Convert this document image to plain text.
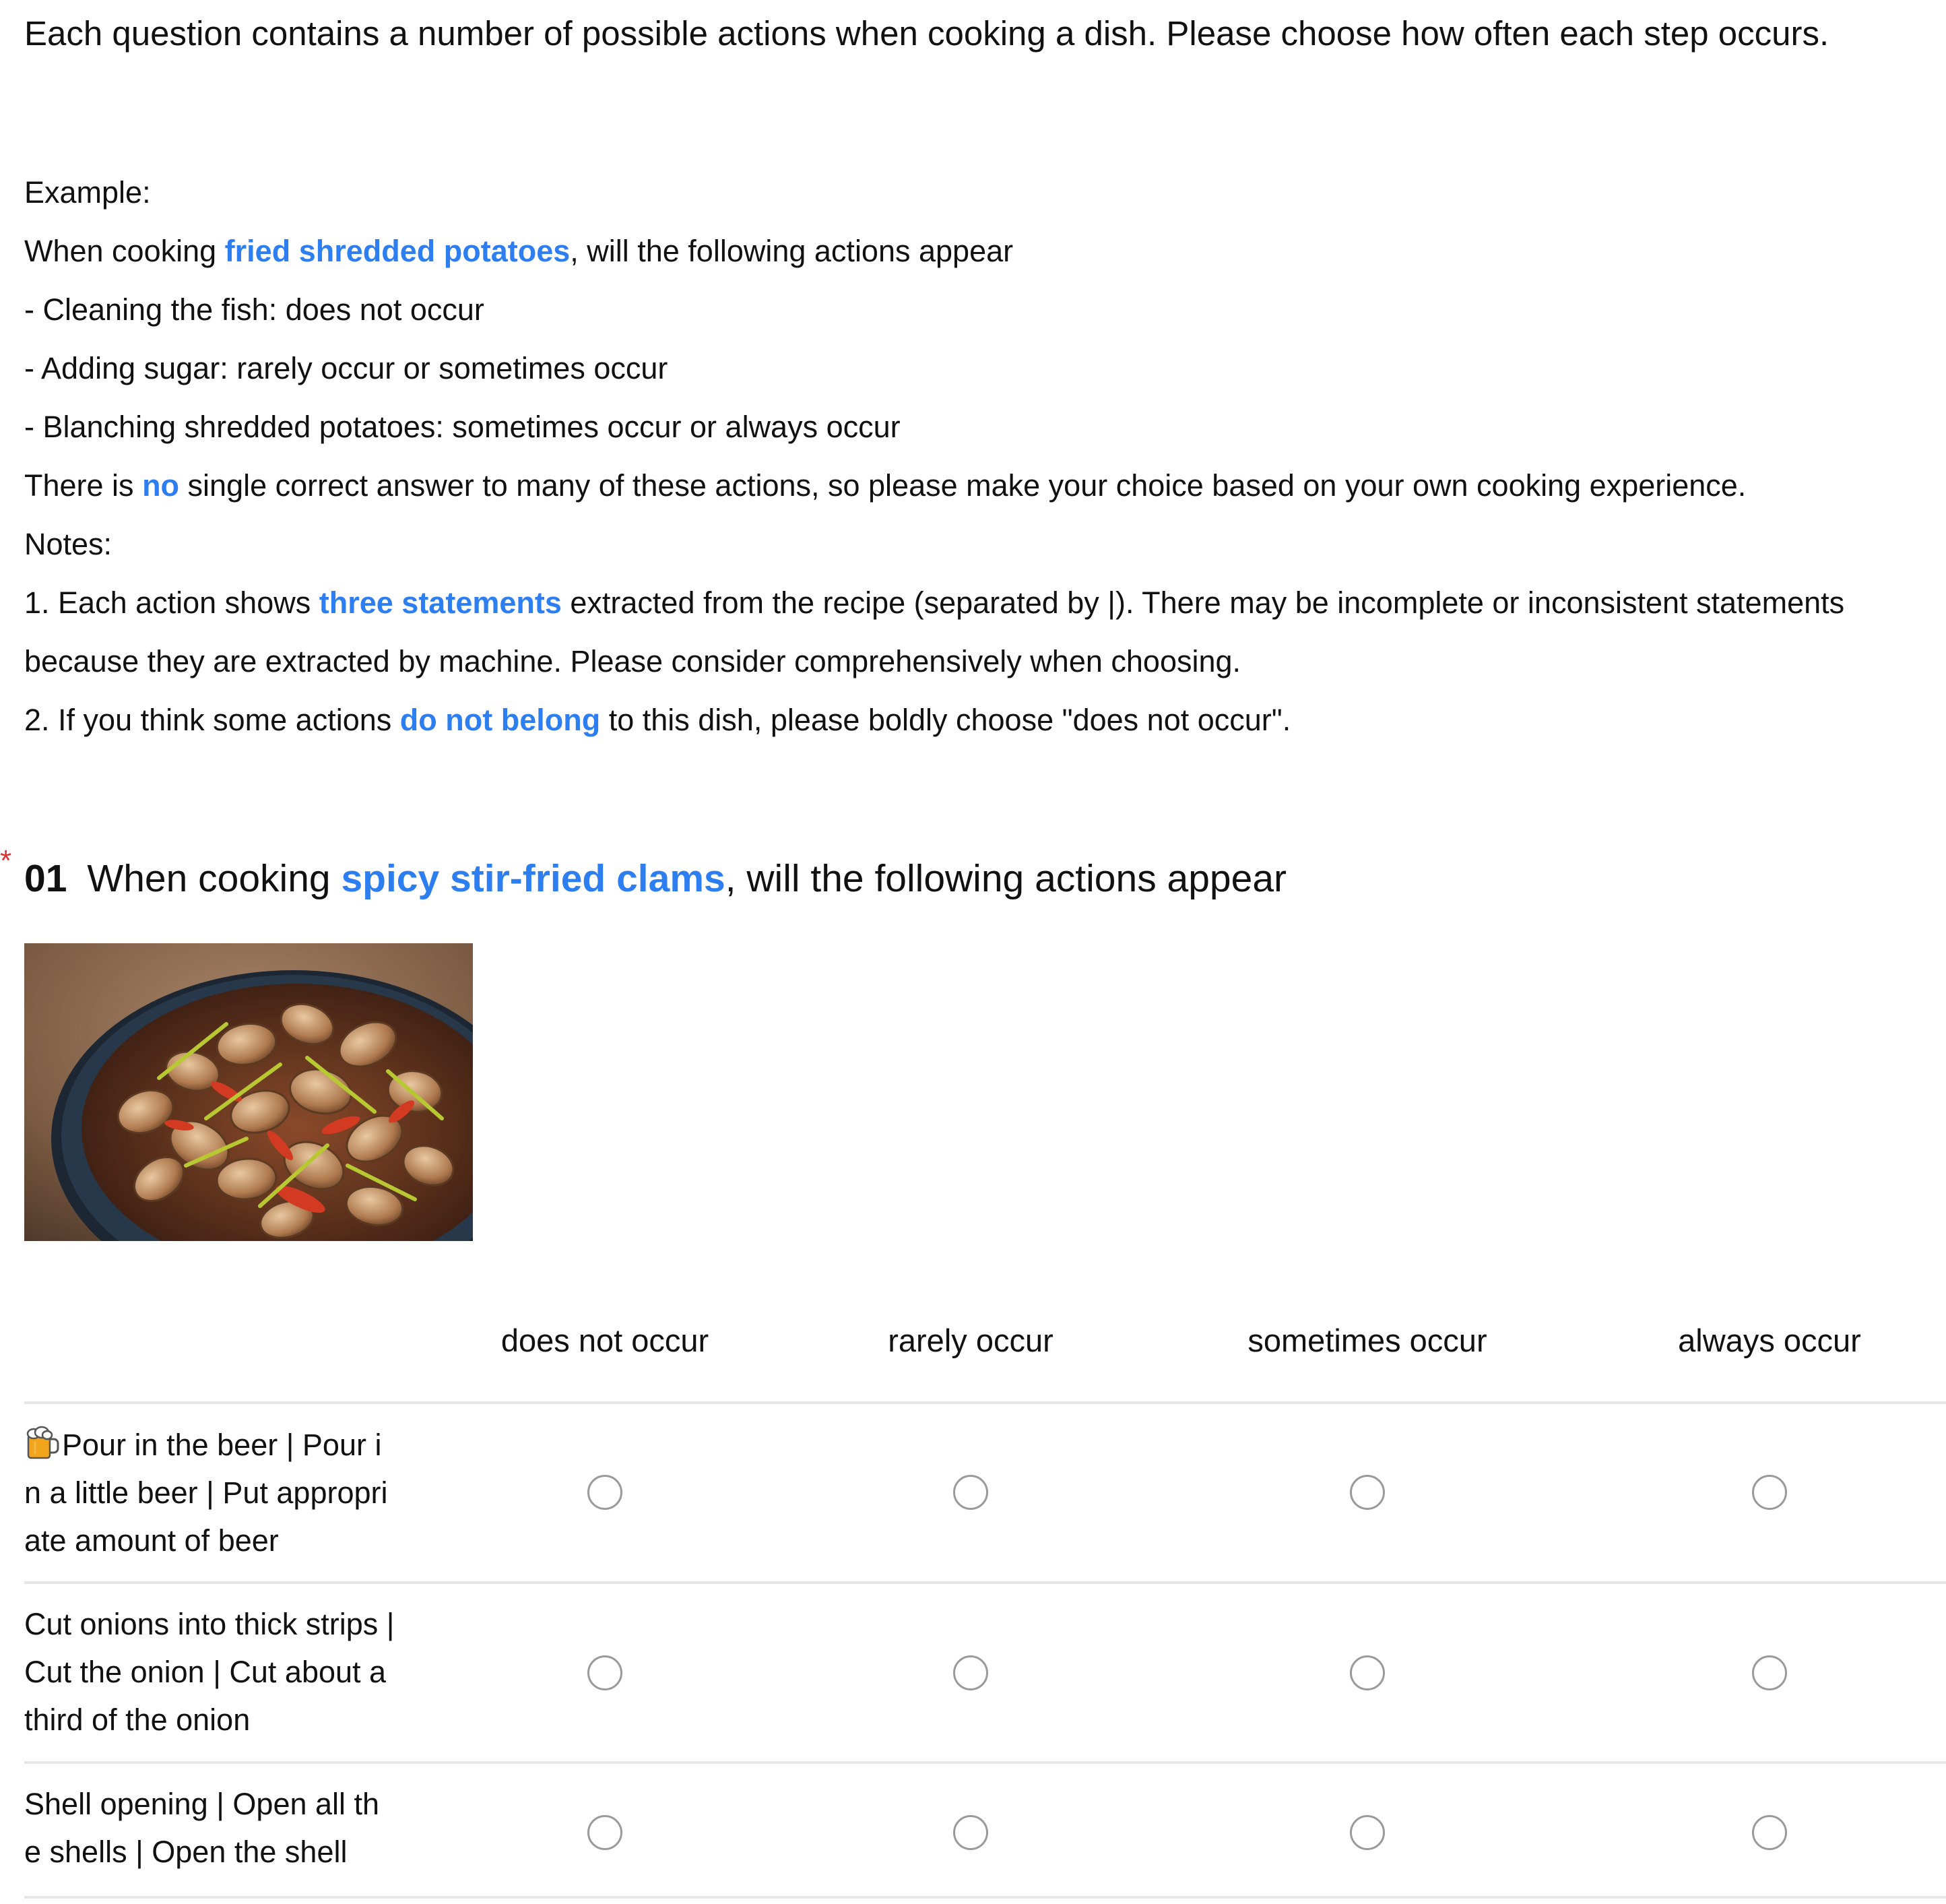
Each question contains a number of possible actions when cooking a dish. Please choose how often each step occurs.
Example:
When cooking fried shredded potatoes, will the following actions appear
- Cleaning the fish: does not occur
- Adding sugar: rarely occur or sometimes occur
- Blanching shredded potatoes: sometimes occur or always occur
There is no single correct answer to many of these actions, so please make your choice based on your own cooking experience.
Notes:
1. Each action shows three statements extracted from the recipe (separated by |). There may be incomplete or inconsistent statements
because they are extracted by machine. Please consider comprehensively when choosing.
2. If you think some actions do not belong to this dish, please boldly choose "does not occur".
* 01 When cooking spicy stir-fried clams, will the following actions appear
does not occur	rarely occur	sometimes occur	always occur
Pour in the beer | Pour i
n a little beer | Put appropri
ate amount of beer
Cut onions into thick strips |
Cut the onion | Cut about a
third of the onion
Shell opening | Open all th
e shells | Open the shell
